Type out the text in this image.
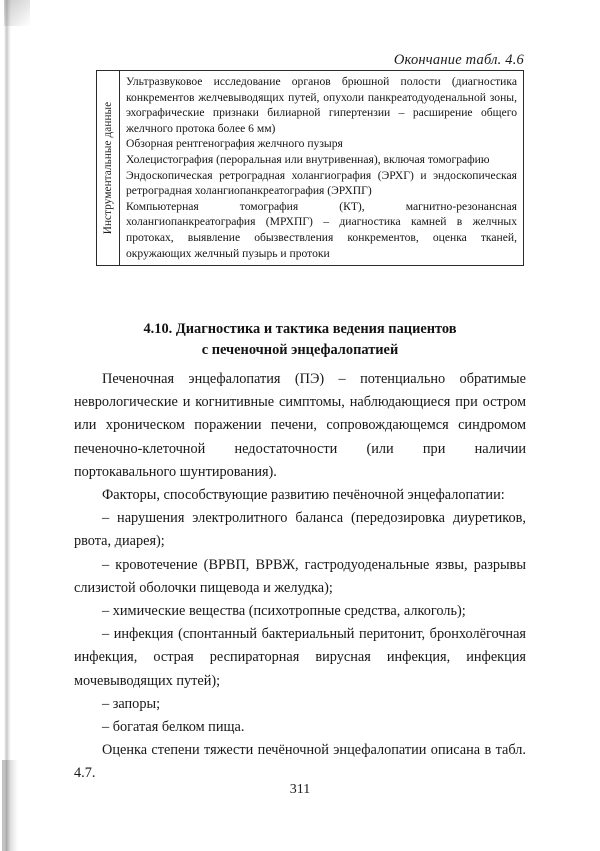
Окончание табл. 4.6
Инструментальные данные

Ультразвуковое исследование органов брюшной полости (диагностика конкрементов желчевыводящих путей, опухоли панкреатодуоденальной зоны, эхографические признаки билиарной гипертензии – расширение общего желчного протока более 6 мм)

Обзорная рентгенография желчного пузыря

Холецистография (пероральная или внутривенная), включая томографию

Эндоскопическая ретроградная холангиография (ЭРХГ) и эндоскопическая ретроградная холангиопанкреатография (ЭРХПГ)

Компьютерная томография (КТ), магнитно-резонансная холангиопанкреатография (МРХПГ) – диагностика камней в желчных протоках, выявление обызвествления конкрементов, оценка тканей, окружающих желчный пузырь и протоки

4.10. Диагностика и тактика ведения пациентов
с печеночной энцефалопатией

Печеночная энцефалопатия (ПЭ) – потенциально обратимые неврологические и когнитивные симптомы, наблюдающиеся при остром или хроническом поражении печени, сопровождающемся синдромом печеночно-клеточной недостаточности (или при наличии портокавального шунтирования).

Факторы, способствующие развитию печёночной энцефалопатии:

– нарушения электролитного баланса (передозировка диуретиков, рвота, диарея);

– кровотечение (ВРВП, ВРВЖ, гастродуоденальные язвы, разрывы слизистой оболочки пищевода и желудка);

– химические вещества (психотропные средства, алкоголь);

– инфекция (спонтанный бактериальный перитонит, бронхолёгочная инфекция, острая респираторная вирусная инфекция, инфекция мочевыводящих путей);

– запоры;

– богатая белком пища.

Оценка степени тяжести печёночной энцефалопатии описана в табл. 4.7.

311
